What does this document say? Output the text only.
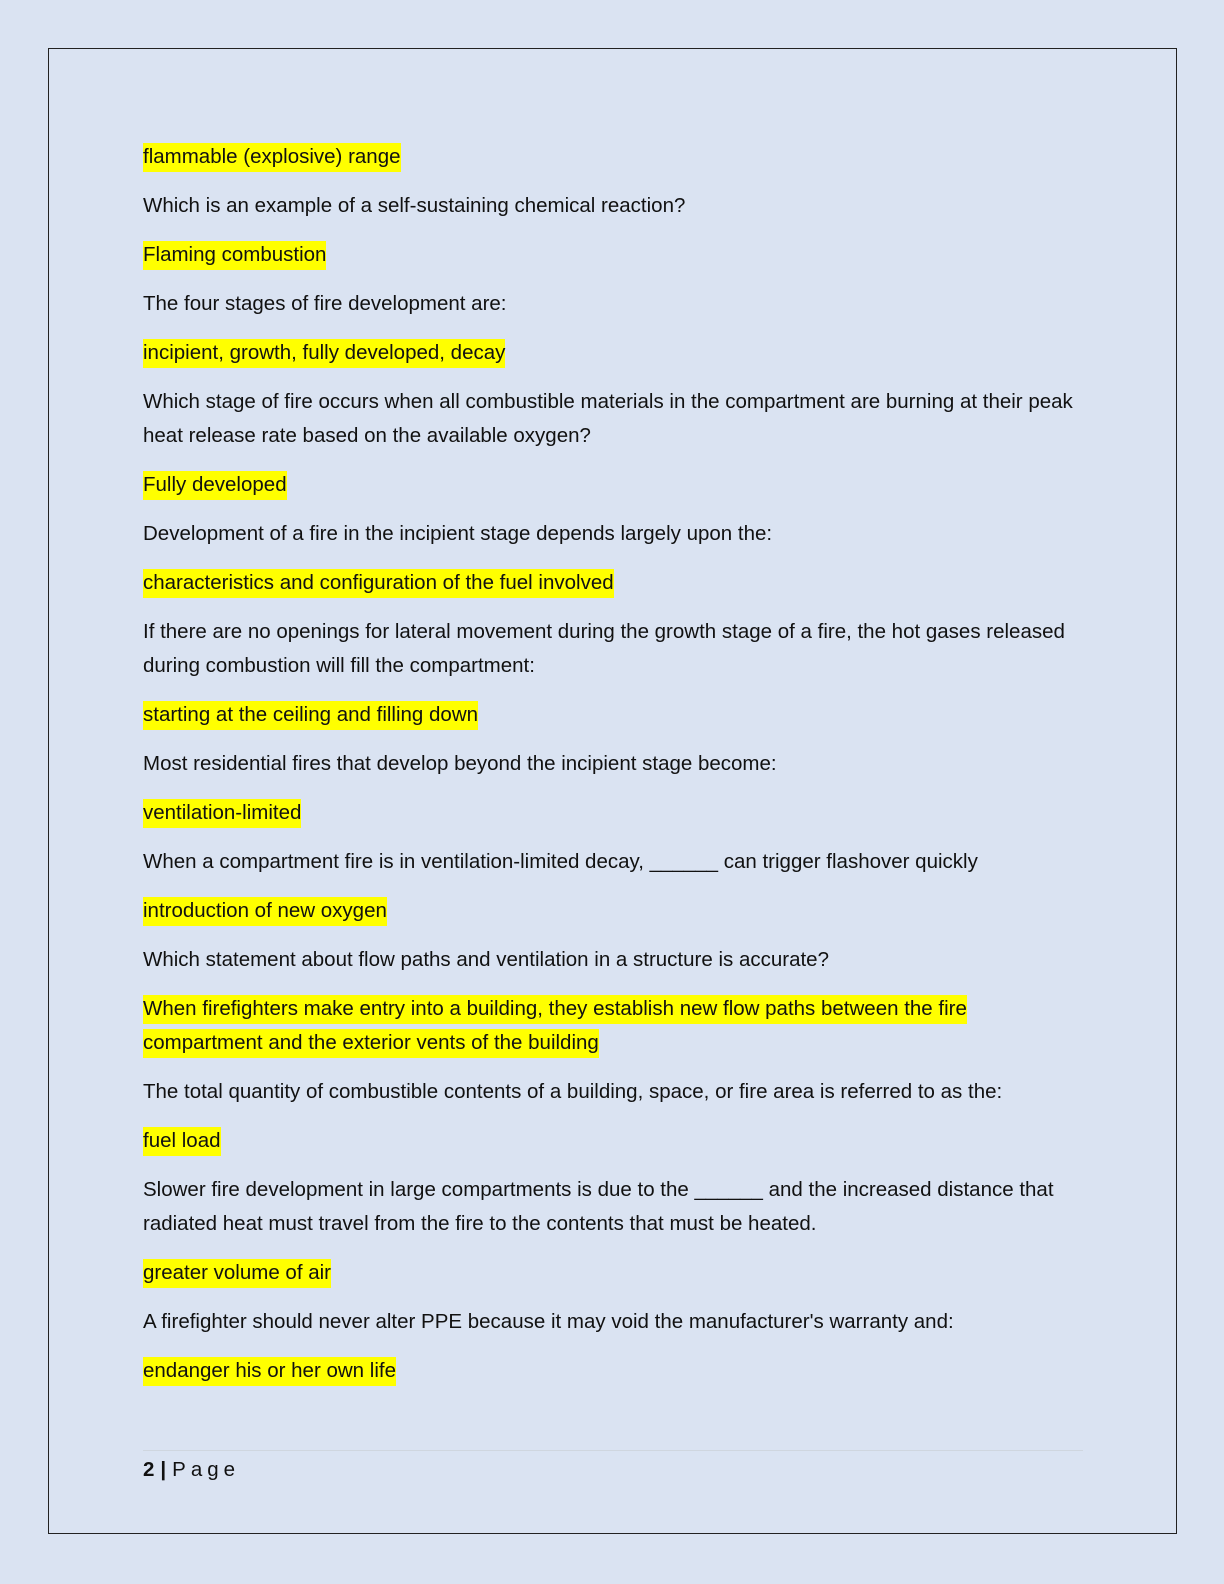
flammable (explosive) range

Which is an example of a self-sustaining chemical reaction?

Flaming combustion

The four stages of fire development are:

incipient, growth, fully developed, decay

Which stage of fire occurs when all combustible materials in the compartment are burning at their peak heat release rate based on the available oxygen?

Fully developed

Development of a fire in the incipient stage depends largely upon the:

characteristics and configuration of the fuel involved

If there are no openings for lateral movement during the growth stage of a fire, the hot gases released during combustion will fill the compartment:

starting at the ceiling and filling down

Most residential fires that develop beyond the incipient stage become:

ventilation-limited

When a compartment fire is in ventilation-limited decay, ______ can trigger flashover quickly

introduction of new oxygen

Which statement about flow paths and ventilation in a structure is accurate?

When firefighters make entry into a building, they establish new flow paths between the fire compartment and the exterior vents of the building

The total quantity of combustible contents of a building, space, or fire area is referred to as the:

fuel load

Slower fire development in large compartments is due to the ______ and the increased distance that radiated heat must travel from the fire to the contents that must be heated.

greater volume of air

A firefighter should never alter PPE because it may void the manufacturer's warranty and:

endanger his or her own life

2 | Page
